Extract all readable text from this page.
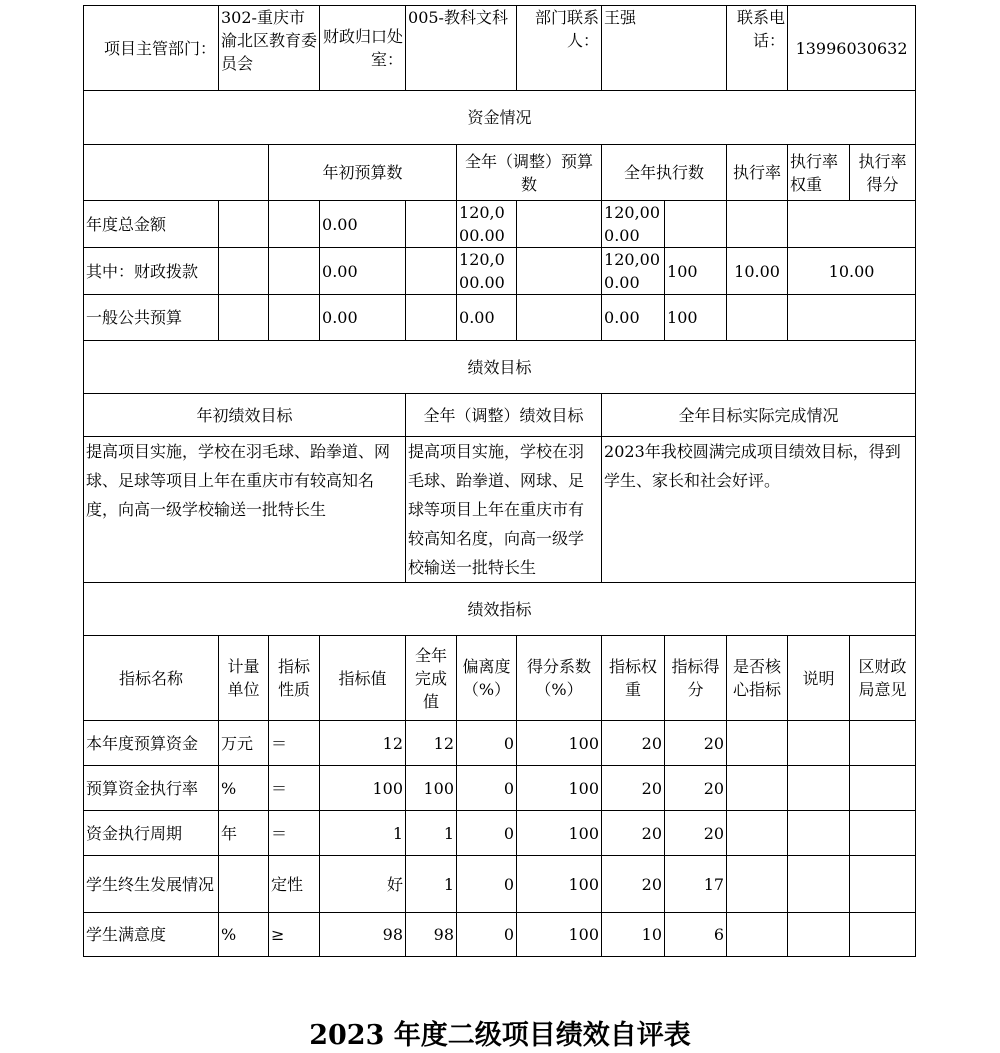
项目主管部门：	302-重庆市渝北区教育委员会		财政归口处室：	005-教科文科		部门联系人：	王强		联系电话：	13996030632	
资金情况											
		年初预算数			全年（调整）预算数		全年执行数		执行率	执行率权重	执行率得分
年度总金额			0.00		120,000.00		120,000.00				
其中：财政拨款			0.00		120,000.00		120,000.00	100	10.00	10.00	
一般公共预算			0.00		0.00		0.00	100			
绩效目标											
年初绩效目标				全年（调整）绩效目标			全年目标实际完成情况				
提高项目实施，学校在羽毛球、跆拳道、网球、足球等项目上年在重庆市有较高知名度，向高一级学校输送一批特长生				提高项目实施，学校在羽毛球、跆拳道、网球、足球等项目上年在重庆市有较高知名度，向高一级学校输送一批特长生			2023年我校圆满完成项目绩效目标，得到学生、家长和社会好评。				
绩效指标											
指标名称	计量单位	指标性质	指标值	全年完成值	偏离度（%）	得分系数（%）	指标权重	指标得分	是否核心指标	说明	区财政局意见
本年度预算资金	万元	＝	12	12	0	100	20	20			
预算资金执行率	%	＝	100	100	0	100	20	20			
资金执行周期	年	＝	1	1	0	100	20	20			
学生终生发展情况		定性	好	1	0	100	20	17			
学生满意度	%	≥	98	98	0	100	10	6			
2023 年度二级项目绩效自评表
